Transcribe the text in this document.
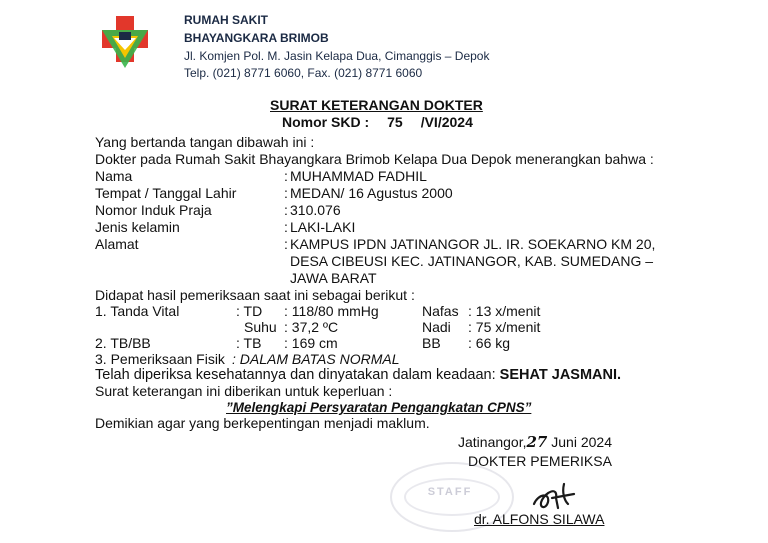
RUMAH SAKIT
BHAYANGKARA BRIMOB
Jl. Komjen Pol. M. Jasin Kelapa Dua, Cimanggis – Depok
Telp. (021) 8771 6060, Fax. (021) 8771 6060
SURAT KETERANGAN DOKTER
Nomor SKD : 75 /VI/2024
Yang bertanda tangan dibawah ini :
Dokter pada Rumah Sakit Bhayangkara Brimob Kelapa Dua Depok menerangkan bahwa :
Nama	: MUHAMMAD FADHIL
Tempat / Tanggal Lahir	: MEDAN/ 16 Agustus 2000
Nomor Induk Praja	: 310.076
Jenis kelamin	: LAKI-LAKI
Alamat	: KAMPUS IPDN JATINANGOR JL. IR. SOEKARNO KM 20,
DESA CIBEUSI KEC. JATINANGOR, KAB. SUMEDANG –
JAWA BARAT
Didapat hasil pemeriksaan saat ini sebagai berikut :
1. Tanda Vital	: TD : 118/80 mmHg	Nafas : 13 x/menit
Suhu : 37,2 ºC	Nadi : 75 x/menit
2. TB/BB	: TB : 169 cm	BB : 66 kg
3. Pemeriksaan Fisik : DALAM BATAS NORMAL
Telah diperiksa kesehatannya dan dinyatakan dalam keadaan: SEHAT JASMANI.
Surat keterangan ini diberikan untuk keperluan :
”Melengkapi Persyaratan Pengangkatan CPNS”
Demikian agar yang berkepentingan menjadi maklum.
Jatinangor,27 Juni 2024
DOKTER PEMERIKSA
STAFF
dr. ALFONS SILAWA
